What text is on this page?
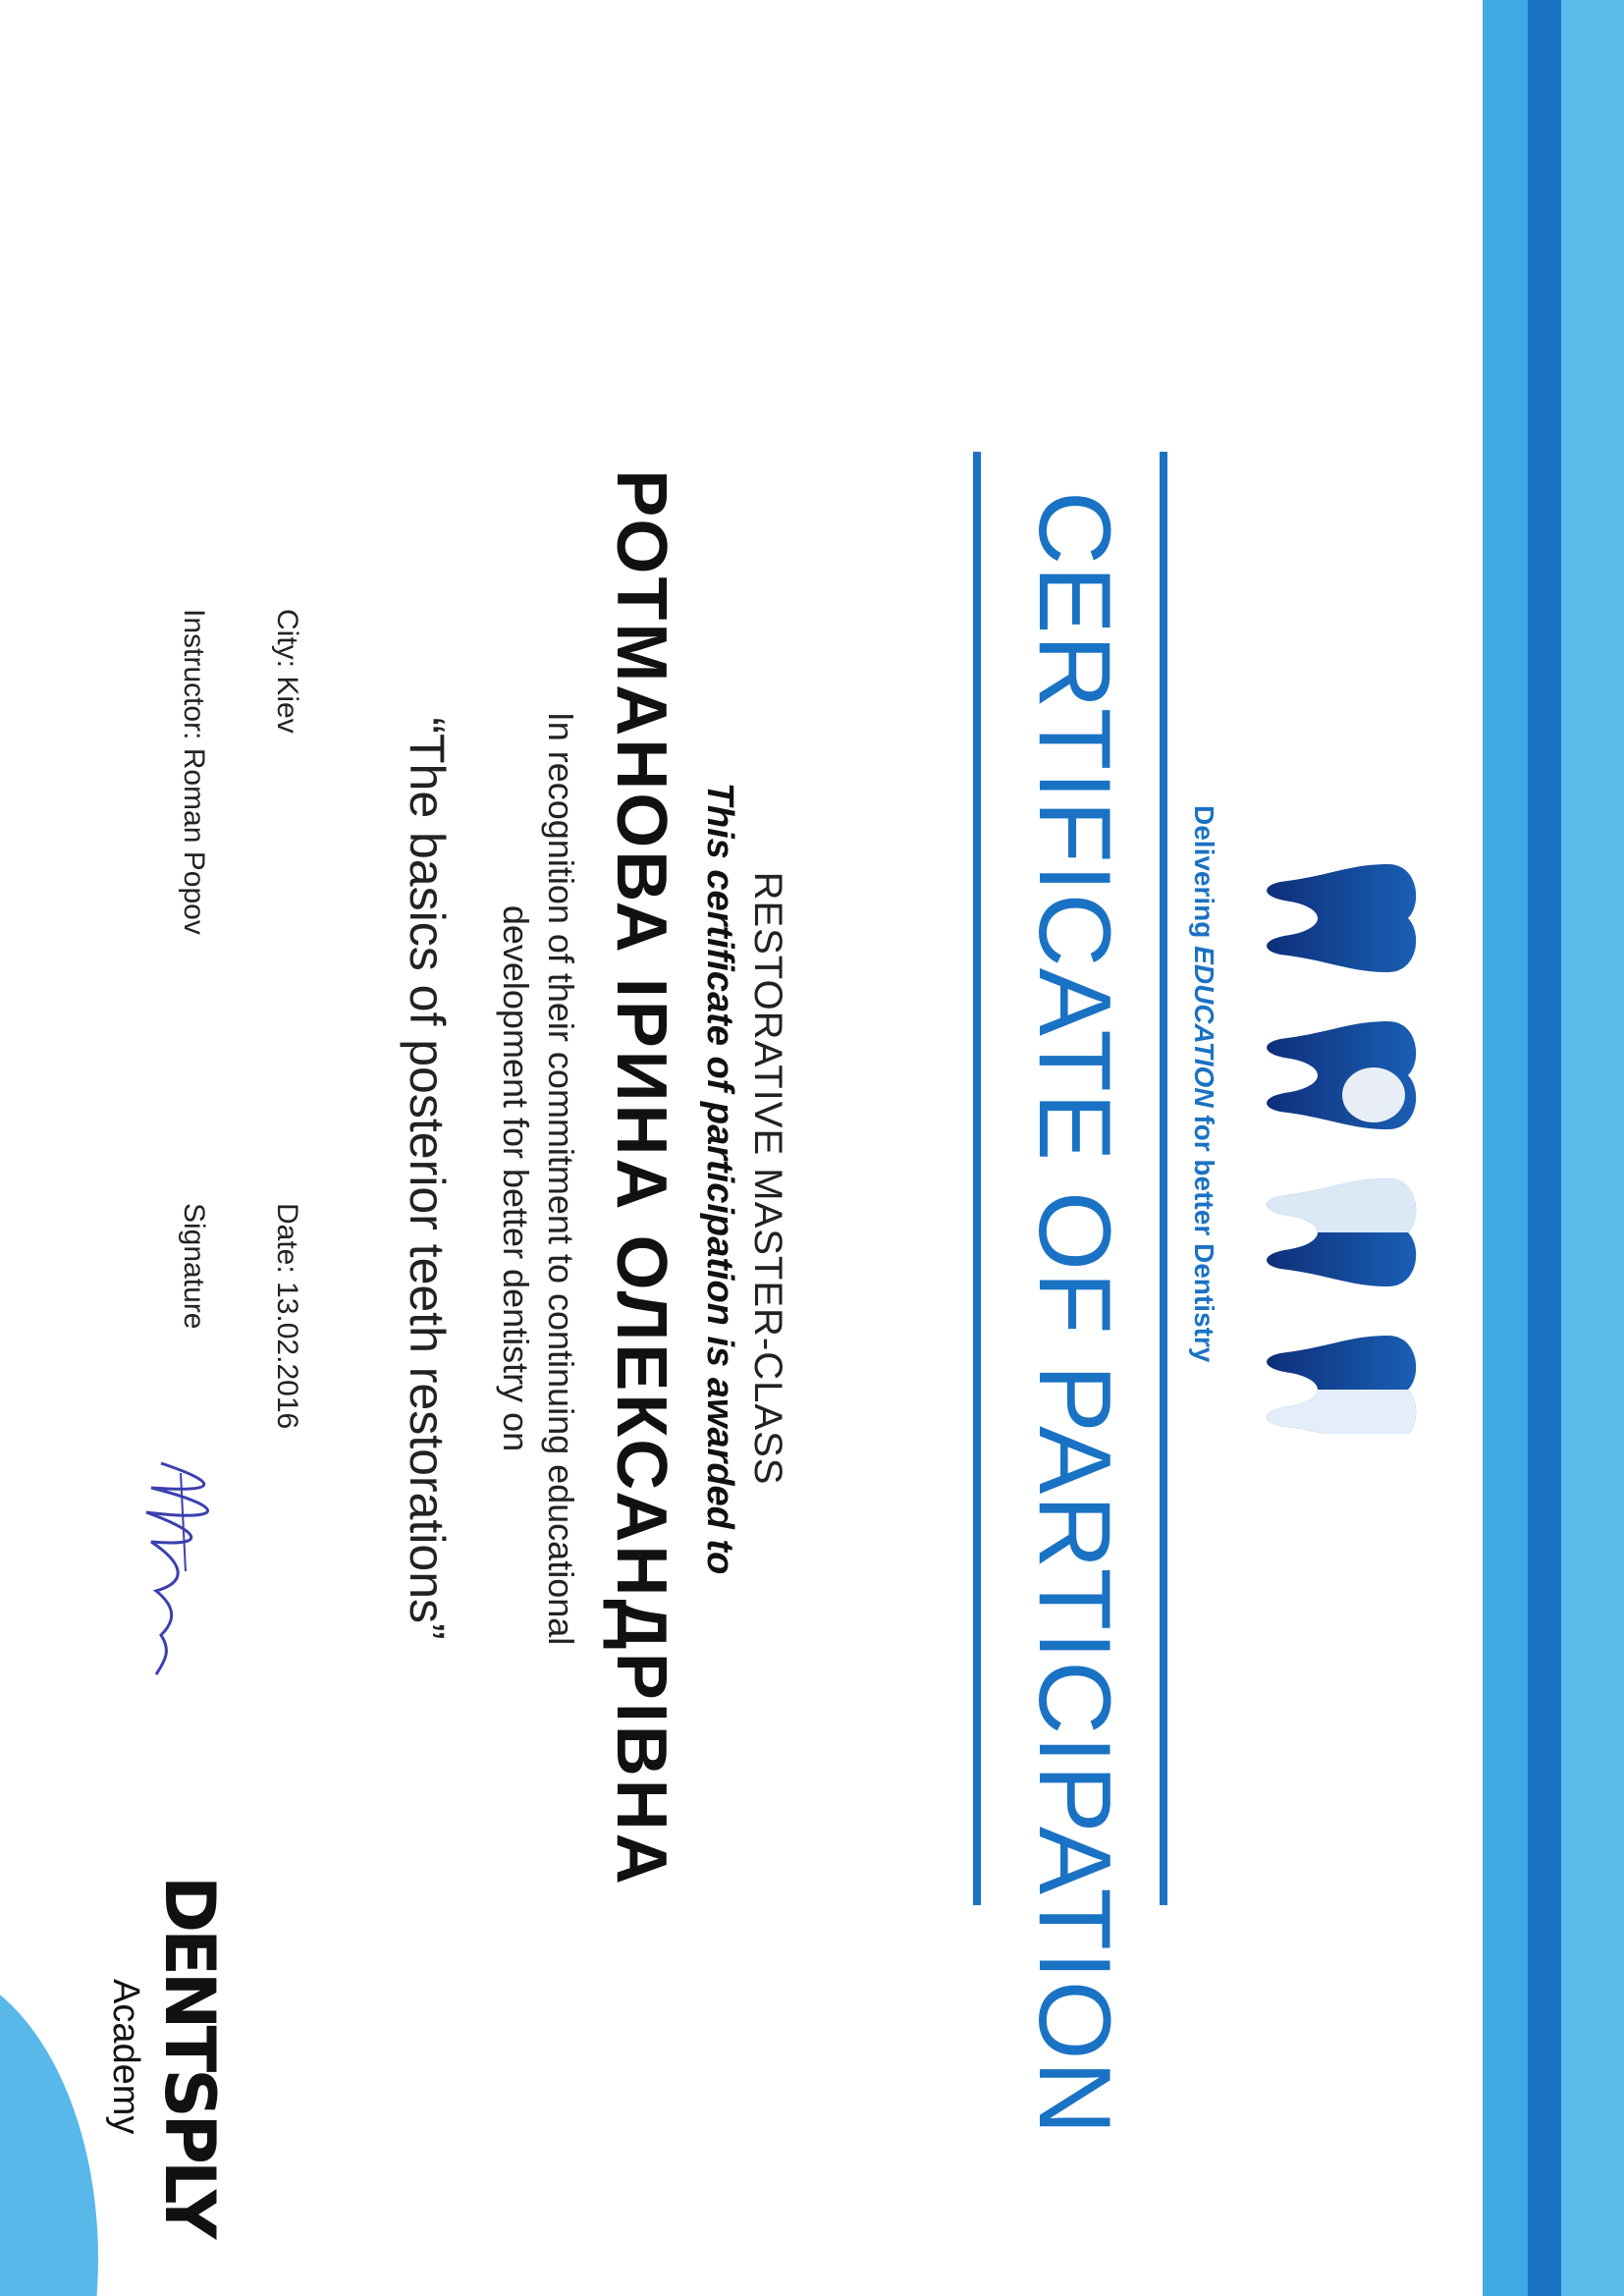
Delivering EDUCATION for better Dentistry
CERTIFICATE OF PARTICIPATION
RESTORATIVE MASTER-CLASS
This certificate of participation is awarded to
РОТМАНОВА ІРИНА ОЛЕКСАНДРІВНА
In recognition of their commitment to continuing educational
development for better dentistry on
“The basics of posterior teeth restorations”
City: Kiev
Date: 13.02.2016
Instructor: Roman Popov
Signature
DENTSPLY
Academy
